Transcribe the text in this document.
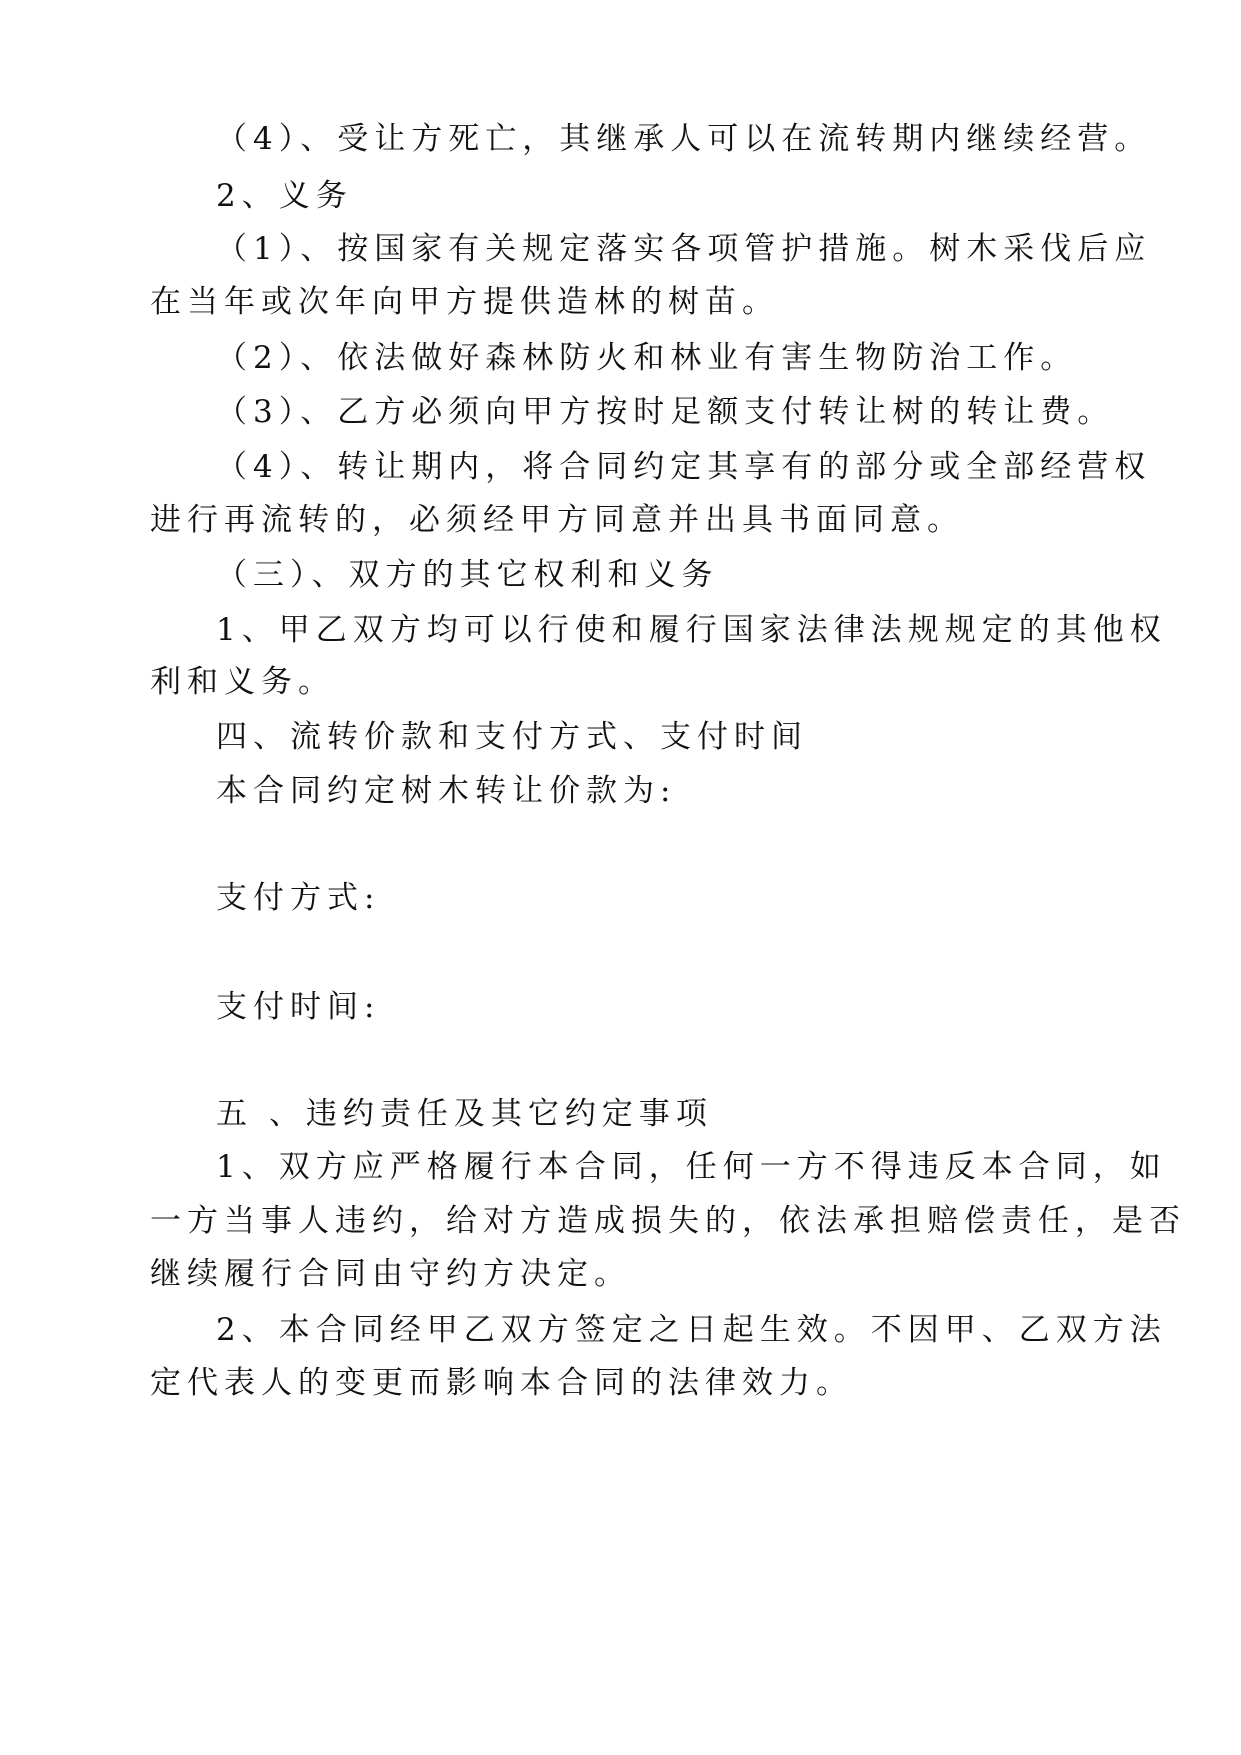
（4）、受让方死亡，其继承人可以在流转期内继续经营。

2、义务

（1）、按国家有关规定落实各项管护措施。树木采伐后应

在当年或次年向甲方提供造林的树苗。

（2）、依法做好森林防火和林业有害生物防治工作。

（3）、乙方必须向甲方按时足额支付转让树的转让费。

（4）、转让期内，将合同约定其享有的部分或全部经营权

进行再流转的，必须经甲方同意并出具书面同意。

（三）、双方的其它权利和义务

1、甲乙双方均可以行使和履行国家法律法规规定的其他权

利和义务。

四、流转价款和支付方式、支付时间

本合同约定树木转让价款为:

支付方式:

支付时间:

五 、违约责任及其它约定事项

1、双方应严格履行本合同，任何一方不得违反本合同，如

一方当事人违约，给对方造成损失的，依法承担赔偿责任，是否

继续履行合同由守约方决定。

2、本合同经甲乙双方签定之日起生效。不因甲、乙双方法

定代表人的变更而影响本合同的法律效力。
